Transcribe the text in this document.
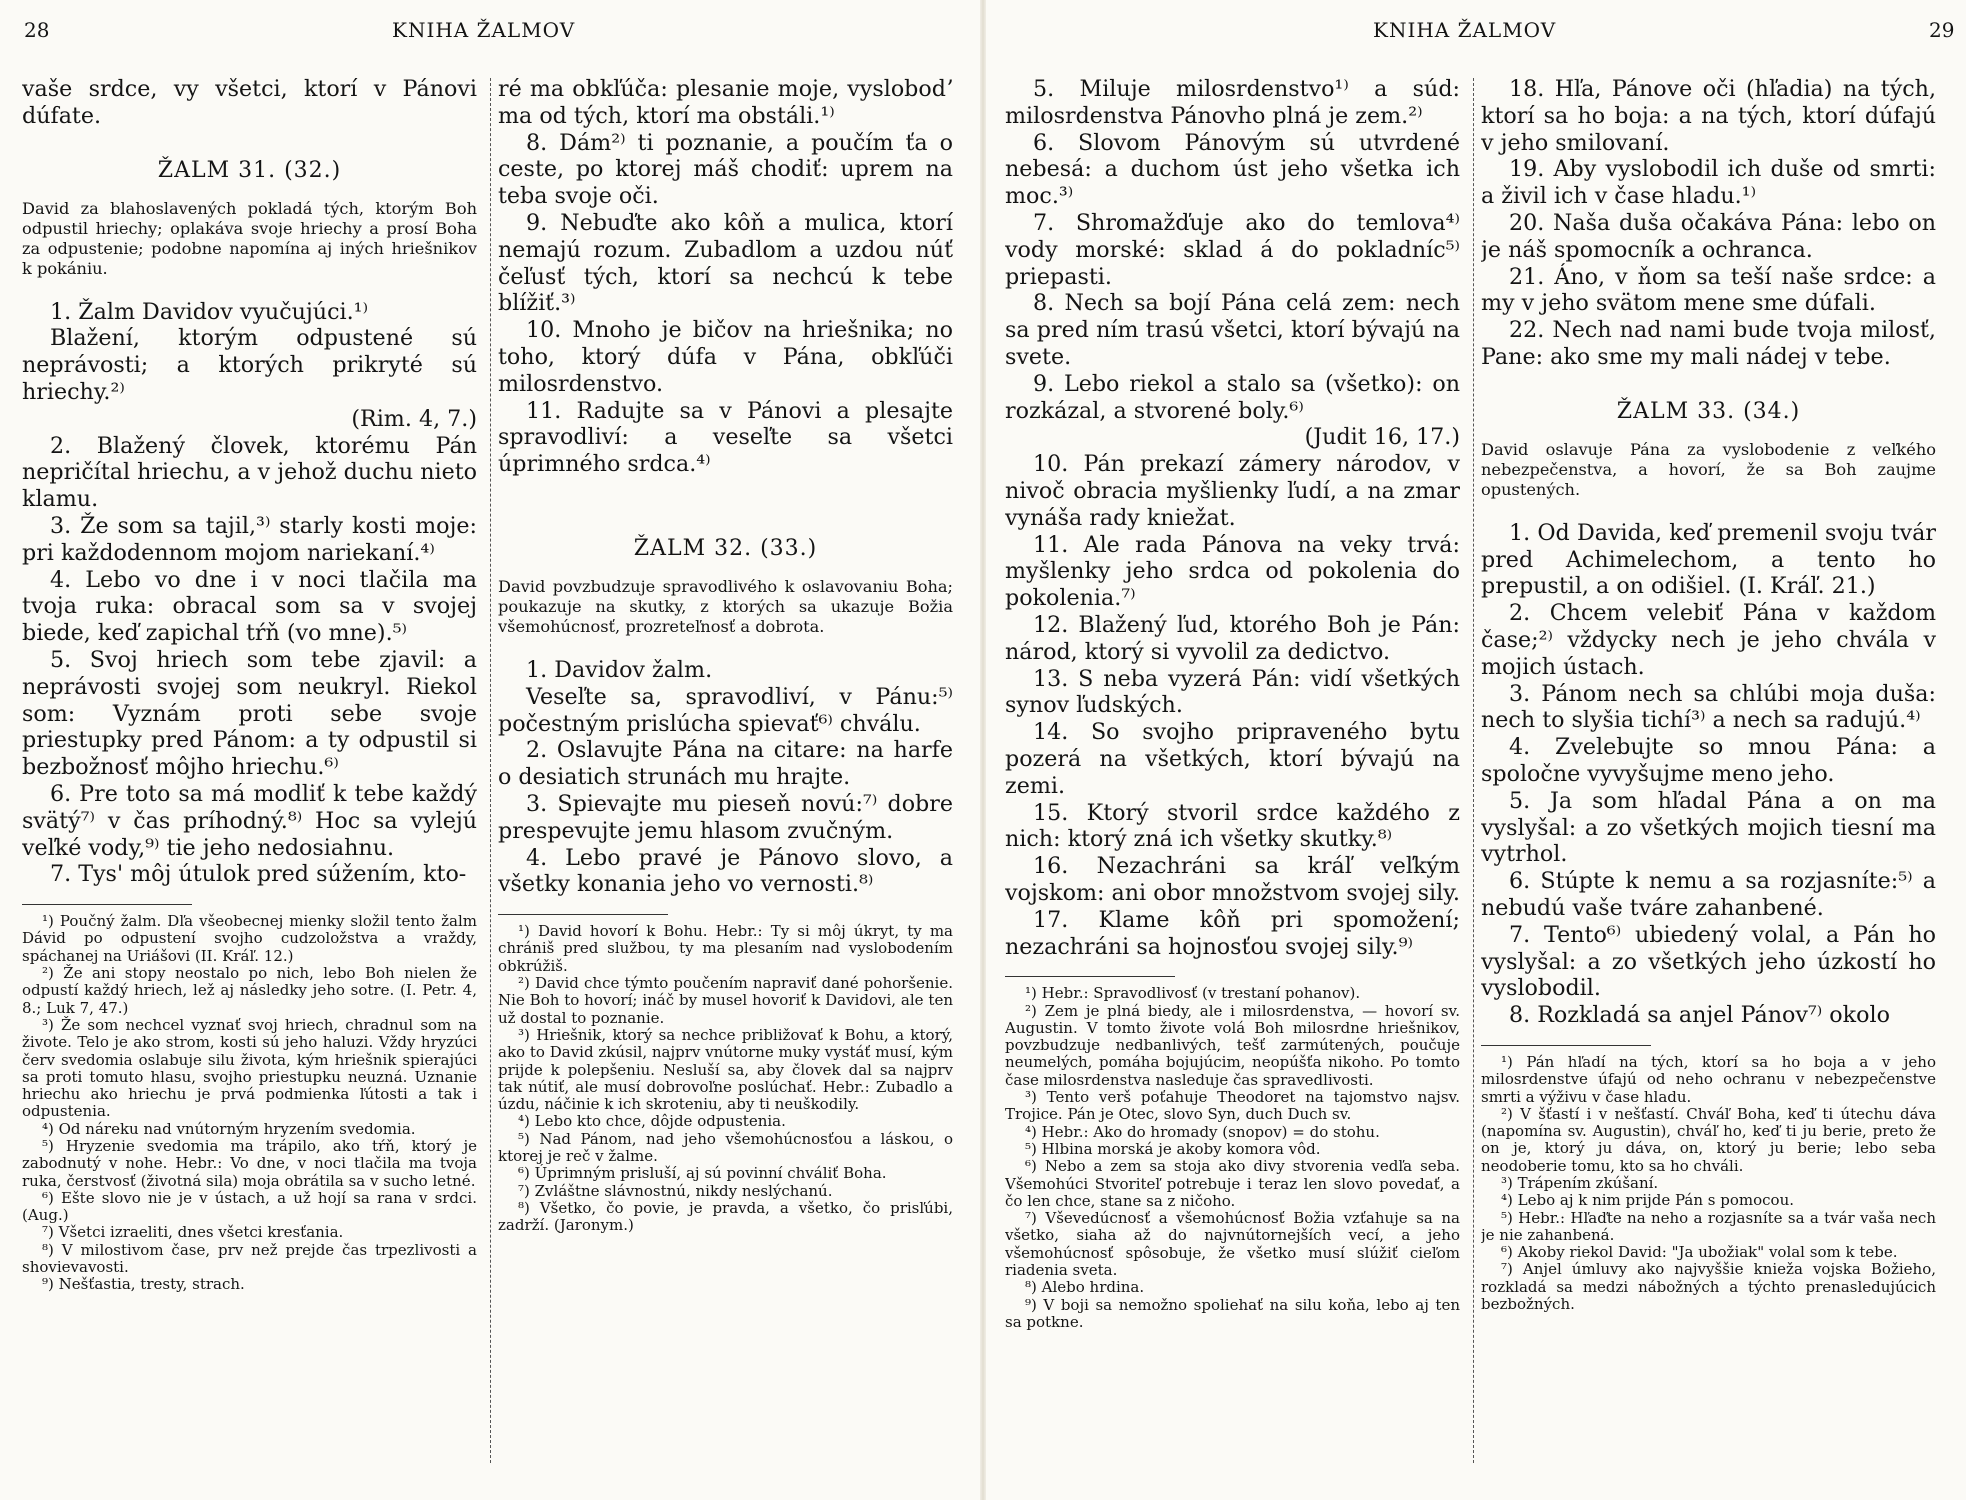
28	KNIHA ŽALMOV

vaše srdce, vy všetci, ktorí v Pánovi dúfate.

ŽALM 31. (32.)
David za blahoslavených pokladá tých, ktorým Boh odpustil hriechy; oplakáva svoje hriechy a prosí Boha za odpustenie; podobne napomína aj iných hriešnikov k pokániu.

1. Žalm Davidov vyučujúci.¹⁾

Blažení, ktorým odpustené sú neprávosti; a ktorých prikryté sú hriechy.²⁾

(Rim. 4, 7.)

2. Blažený človek, ktorému Pán nepričítal hriechu, a v jehož duchu nieto klamu.

3. Že som sa tajil,³⁾ starly kosti moje: pri každodennom mojom nariekaní.⁴⁾

4. Lebo vo dne i v noci tlačila ma tvoja ruka: obracal som sa v svojej biede, keď zapichal tŕň (vo mne).⁵⁾

5. Svoj hriech som tebe zjavil: a neprávosti svojej som neukryl. Riekol som: Vyznám proti sebe svoje priestupky pred Pánom: a ty odpustil si bezbožnosť môjho hriechu.⁶⁾

6. Pre toto sa má modliť k tebe každý svätý⁷⁾ v čas príhodný.⁸⁾ Hoc sa vylejú veľké vody,⁹⁾ tie jeho nedosiahnu.

7. Tys' môj útulok pred súžením, kto-

¹) Poučný žalm. Dľa všeobecnej mienky složil tento žalm Dávid po odpustení svojho cudzoložstva a vraždy, spáchanej na Uriášovi (II. Kráľ. 12.)

²) Že ani stopy neostalo po nich, lebo Boh nielen že odpustí každý hriech, lež aj následky jeho sotre. (I. Petr. 4, 8.; Luk 7, 47.)

³) Že som nechcel vyznať svoj hriech, chradnul som na živote. Telo je ako strom, kosti sú jeho haluzi. Vždy hryzúci červ svedomia oslabuje silu života, kým hriešnik spierajúci sa proti tomuto hlasu, svojho priestupku neuzná. Uznanie hriechu ako hriechu je prvá podmienka ľútosti a tak i odpustenia.

⁴) Od náreku nad vnútorným hryzením svedomia.

⁵) Hryzenie svedomia ma trápilo, ako tŕň, ktorý je zabodnutý v nohe. Hebr.: Vo dne, v noci tlačila ma tvoja ruka, čerstvosť (životná sila) moja obrátila sa v sucho letné.

⁶) Ešte slovo nie je v ústach, a už hojí sa rana v srdci. (Aug.)

⁷) Všetci izraeliti, dnes všetci kresťania.

⁸) V milostivom čase, prv než prejde čas trpezlivosti a shovievavosti.

⁹) Nešťastia, tresty, strach.

ré ma obkľúča: plesanie moje, vyslobodʼ ma od tých, ktorí ma obstáli.¹⁾

8. Dám²⁾ ti poznanie, a poučím ťa o ceste, po ktorej máš chodiť: uprem na teba svoje oči.

9. Nebuďte ako kôň a mulica, ktorí nemajú rozum. Zubadlom a uzdou núť čeľusť tých, ktorí sa nechcú k tebe blížiť.³⁾

10. Mnoho je bičov na hriešnika; no toho, ktorý dúfa v Pána, obkľúči milosrdenstvo.

11. Radujte sa v Pánovi a plesajte spravodliví: a veseľte sa všetci úprimného srdca.⁴⁾

ŽALM 32. (33.)
David povzbudzuje spravodlivého k oslavovaniu Boha; poukazuje na skutky, z ktorých sa ukazuje Božia všemohúcnosť, prozreteľnosť a dobrota.

1. Davidov žalm.

Veseľte sa, spravodliví, v Pánu:⁵⁾ počestným prislúcha spievať⁶⁾ chválu.

2. Oslavujte Pána na citare: na harfe o desiatich strunách mu hrajte.

3. Spievajte mu pieseň novú:⁷⁾ dobre prespevujte jemu hlasom zvučným.

4. Lebo pravé je Pánovo slovo, a všetky konania jeho vo vernosti.⁸⁾

¹) David hovorí k Bohu. Hebr.: Ty si môj úkryt, ty ma chrániš pred službou, ty ma plesaním nad vyslobodením obkrúžiš.

²) David chce týmto poučením napraviť dané pohoršenie. Nie Boh to hovorí; ináč by musel hovoriť k Davidovi, ale ten už dostal to poznanie.

³) Hriešnik, ktorý sa nechce približovať k Bohu, a ktorý, ako to David zkúsil, najprv vnútorne muky vystáť musí, kým prijde k polepšeniu. Nesluší sa, aby človek dal sa najprv tak nútiť, ale musí dobrovoľne poslúchať. Hebr.: Zubadlo a úzdu, náčinie k ich skroteniu, aby ti neuškodily.

⁴) Lebo kto chce, dôjde odpustenia.

⁵) Nad Pánom, nad jeho všemohúcnosťou a láskou, o ktorej je reč v žalme.

⁶) Úprimným prisluší, aj sú povinní chváliť Boha.

⁷) Zvláštne slávnostnú, nikdy neslýchanú.

⁸) Všetko, čo povie, je pravda, a všetko, čo prisľúbi, zadrží. (Jaronym.)

KNIHA ŽALMOV	29

5. Miluje milosrdenstvo¹⁾ a súd: milosrdenstva Pánovho plná je zem.²⁾

6. Slovom Pánovým sú utvrdené nebesá: a duchom úst jeho všetka ich moc.³⁾

7. Shromažďuje ako do temlova⁴⁾ vody morské: sklad á do pokladníc⁵⁾ priepasti.

8. Nech sa bojí Pána celá zem: nech sa pred ním trasú všetci, ktorí bývajú na svete.

9. Lebo riekol a stalo sa (všetko): on rozkázal, a stvorené boly.⁶⁾

(Judit 16, 17.)

10. Pán prekazí zámery národov, v nivoč obracia myšlienky ľudí, a na zmar vynáša rady kniežat.

11. Ale rada Pánova na veky trvá: myšlenky jeho srdca od pokolenia do pokolenia.⁷⁾

12. Blažený ľud, ktorého Boh je Pán: národ, ktorý si vyvolil za dedictvo.

13. S neba vyzerá Pán: vidí všetkých synov ľudských.

14. So svojho pripraveného bytu pozerá na všetkých, ktorí bývajú na zemi.

15. Ktorý stvoril srdce každého z nich: ktorý zná ich všetky skutky.⁸⁾

16. Nezachráni sa kráľ veľkým vojskom: ani obor množstvom svojej sily.

17. Klame kôň pri spomožení; nezachráni sa hojnosťou svojej sily.⁹⁾

¹) Hebr.: Spravodlivosť (v trestaní pohanov).

²) Zem je plná biedy, ale i milosrdenstva, — hovorí sv. Augustin. V tomto živote volá Boh milosrdne hriešnikov, povzbudzuje nedbanlivých, tešť zarmútených, poučuje neumelých, pomáha bojujúcim, neopúšťa nikoho. Po tomto čase milosrdenstva nasleduje čas spravedlivosti.

³) Tento verš poťahuje Theodoret na tajomstvo najsv. Trojice. Pán je Otec, slovo Syn, duch Duch sv.

⁴) Hebr.: Ako do hromady (snopov) = do stohu.

⁵) Hlbina morská je akoby komora vôd.

⁶) Nebo a zem sa stoja ako divy stvorenia vedľa seba. Všemohúci Stvoriteľ potrebuje i teraz len slovo povedať, a čo len chce, stane sa z ničoho.

⁷) Vševedúcnosť a všemohúcnosť Božia vzťahuje sa na všetko, siaha až do najvnútornejších vecí, a jeho všemohúcnosť spôsobuje, že všetko musí slúžiť cieľom riadenia sveta.

⁸) Alebo hrdina.

⁹) V boji sa nemožno spoliehať na silu koňa, lebo aj ten sa potkne.

18. Hľa, Pánove oči (hľadia) na tých, ktorí sa ho boja: a na tých, ktorí dúfajú v jeho smilovaní.

19. Aby vyslobodil ich duše od smrti: a živil ich v čase hladu.¹⁾

20. Naša duša očakáva Pána: lebo on je náš spomocník a ochranca.

21. Áno, v ňom sa teší naše srdce: a my v jeho svätom mene sme dúfali.

22. Nech nad nami bude tvoja milosť, Pane: ako sme my mali nádej v tebe.

ŽALM 33. (34.)
David oslavuje Pána za vyslobodenie z veľkého nebezpečenstva, a hovorí, že sa Boh zaujme opustených.

1. Od Davida, keď premenil svoju tvár pred Achimelechom, a tento ho prepustil, a on odišiel. (I. Kráľ. 21.)

2. Chcem velebiť Pána v každom čase;²⁾ vždycky nech je jeho chvála v mojich ústach.

3. Pánom nech sa chlúbi moja duša: nech to slyšia tichí³⁾ a nech sa radujú.⁴⁾

4. Zvelebujte so mnou Pána: a spoločne vyvyšujme meno jeho.

5. Ja som hľadal Pána a on ma vyslyšal: a zo všetkých mojich tiesní ma vytrhol.

6. Stúpte k nemu a sa rozjasníte:⁵⁾ a nebudú vaše tváre zahanbené.

7. Tento⁶⁾ ubiedený volal, a Pán ho vyslyšal: a zo všetkých jeho úzkostí ho vyslobodil.

8. Rozkladá sa anjel Pánov⁷⁾ okolo

¹) Pán hľadí na tých, ktorí sa ho boja a v jeho milosrdenstve úfajú od neho ochranu v nebezpečenstve smrti a výživu v čase hladu.

²) V šťastí i v nešťastí. Chváľ Boha, keď ti útechu dáva (napomína sv. Augustin), chváľ ho, keď ti ju berie, preto že on je, ktorý ju dáva, on, ktorý ju berie; lebo seba neodoberie tomu, kto sa ho chváli.

³) Trápením zkúšaní.

⁴) Lebo aj k nim prijde Pán s pomocou.

⁵) Hebr.: Hľaďte na neho a rozjasníte sa a tvár vaša nech je nie zahanbená.

⁶) Akoby riekol David: "Ja ubožiak" volal som k tebe.

⁷) Anjel úmluvy ako najvyššie knieža vojska Božieho, rozkladá sa medzi nábožných a týchto prenasledujúcich bezbožných.
